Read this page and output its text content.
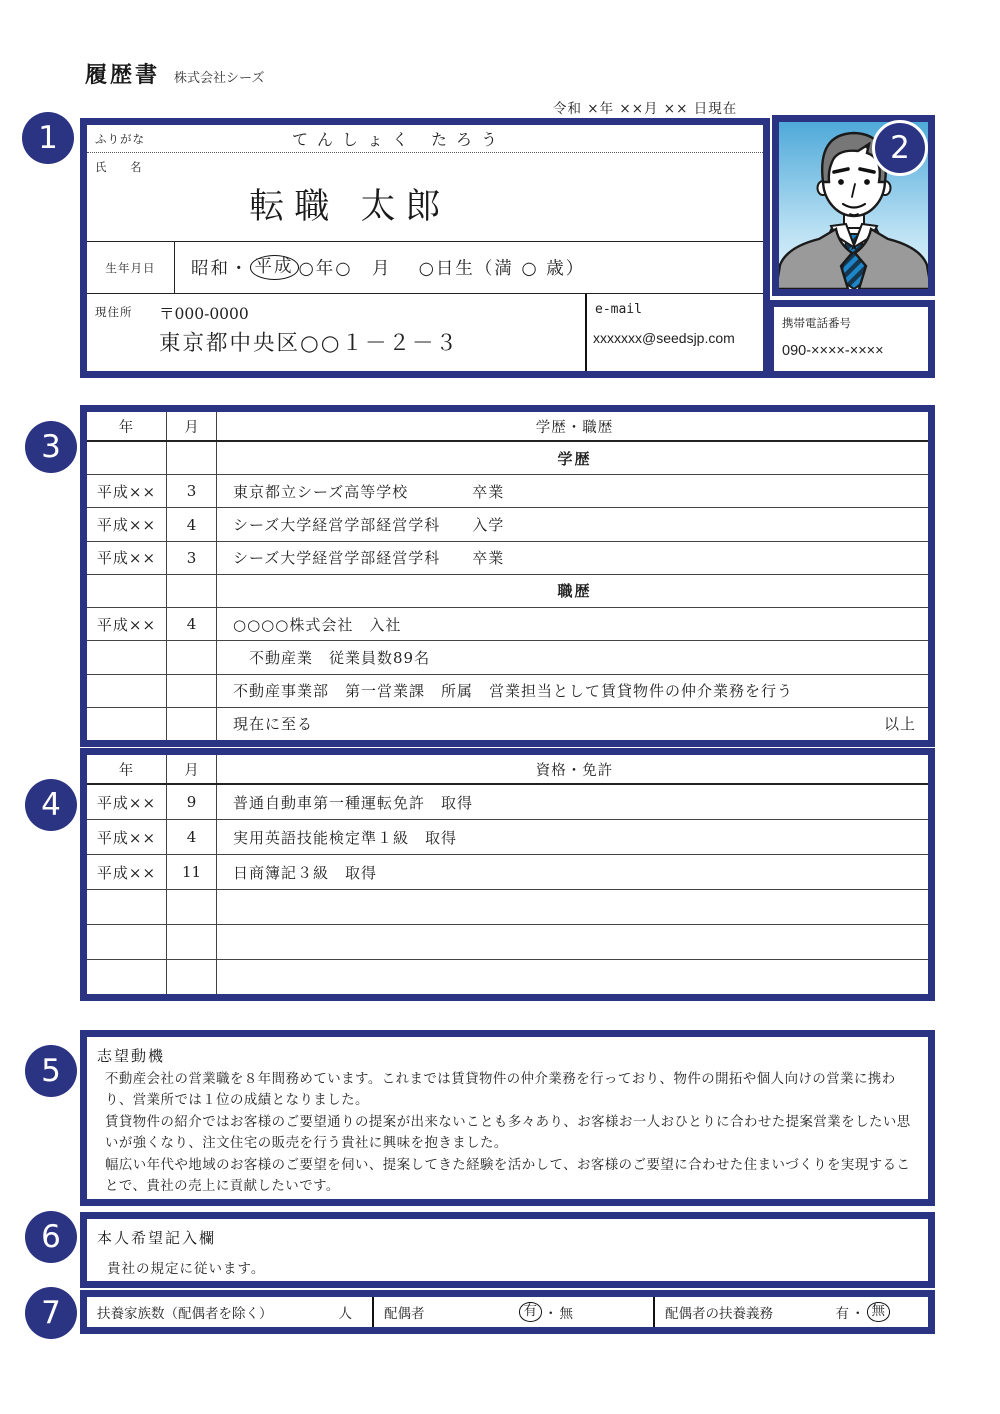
履歴書 株式会社シーズ
令和 ×年 ××月 ×× 日現在
1	2
3
4
5
6
7
ふりがな	てんしょく たろう
氏　名
転職 太郎
生年月日 昭和 ・ 平成 ○年○　月　 ○日生（満 ○ 歳）
現住所 〒000-0000
東京都中央区○○１－２－３
e-mail
xxxxxxx@seedsjp.com
携帯電話番号
090-××××-××××
年	月	学歴・職歴
学歴
平成××	3	東京都立シーズ高等学校　　　　卒業
平成××	4	シーズ大学経営学部経営学科　　入学
平成××	3	シーズ大学経営学部経営学科　　卒業
職歴
平成××	4	○○○○株式会社　入社
　不動産業　従業員数89名
不動産事業部　第一営業課　所属　営業担当として賃貸物件の仲介業務を行う
現在に至る	以上
年	月	資格・免許
平成××	9	普通自動車第一種運転免許　取得
平成××	4	実用英語技能検定準１級　取得
平成××	11	日商簿記３級　取得
志望動機
不動産会社の営業職を８年間務めています。これまでは賃貸物件の仲介業務を行っており、物件の開拓や個人向けの営業に携わり、営業所では１位の成績となりました。
賃貸物件の紹介ではお客様のご要望通りの提案が出来ないことも多々あり、お客様お一人おひとりに合わせた提案営業をしたい思いが強くなり、注文住宅の販売を行う貴社に興味を抱きました。
幅広い年代や地域のお客様のご要望を伺い、提案してきた経験を活かして、お客様のご要望に合わせた住まいづくりを実現することで、貴社の売上に貢献したいです。
本人希望記入欄
貴社の規定に従います。
扶養家族数（配偶者を除く）	人 配偶者	有 ・ 無	配偶者の扶養義務	有 ・ 無
